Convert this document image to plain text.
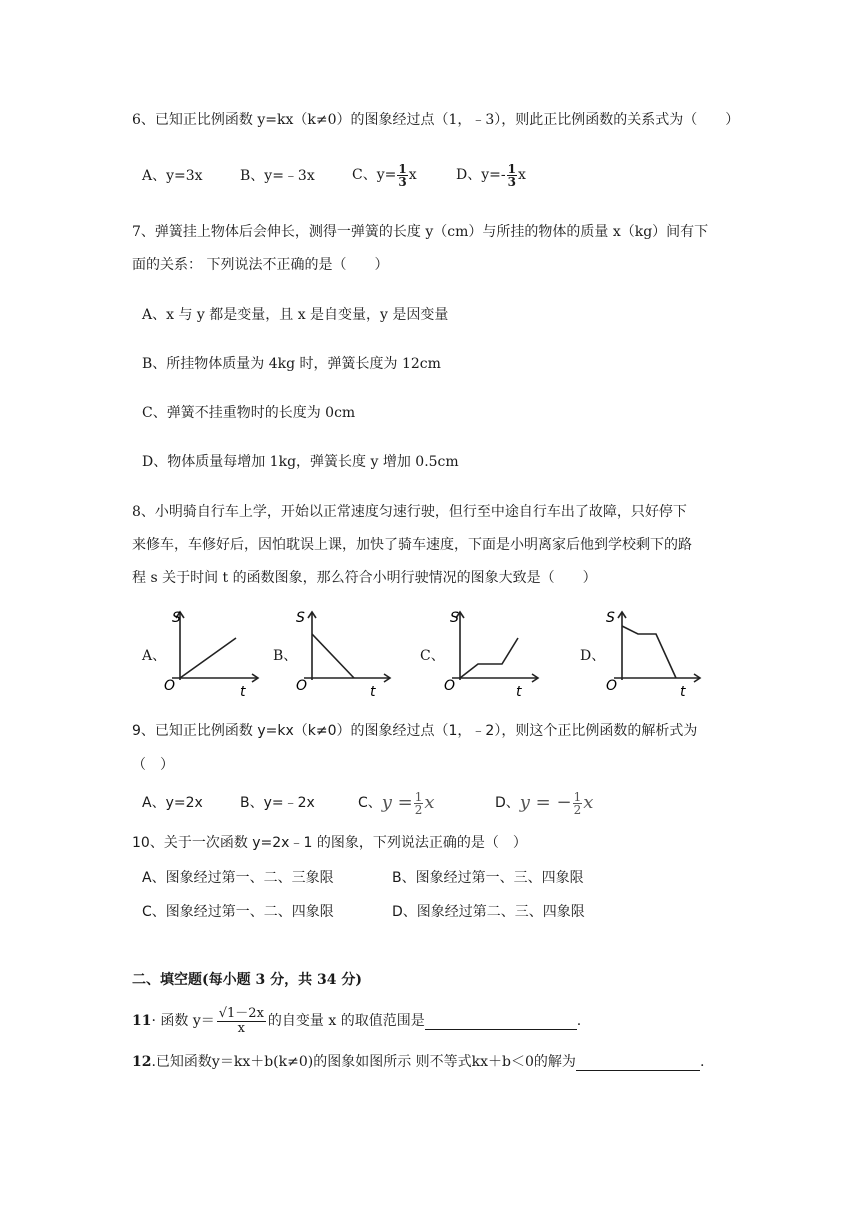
6、已知正比例函数 y=kx（k≠0）的图象经过点（1，﹣3），则此正比例函数的关系式为（　　）
A、y=3x	B、y=﹣3x	C、$y= \frac{1}{3}$ x	D、$y=- \frac{1}{3}$ x
7、弹簧挂上物体后会伸长，测得一弹簧的长度 y（cm）与所挂的物体的质量 x（kg）间有下
面的关系： 下列说法不正确的是（　　）
A、x 与 y 都是变量，且 x 是自变量，y 是因变量
B、所挂物体质量为 4kg 时，弹簧长度为 12cm
C、弹簧不挂重物时的长度为 0cm
D、物体质量每增加 1kg，弹簧长度 y 增加 0.5cm
8、小明骑自行车上学，开始以正常速度匀速行驶，但行至中途自行车出了故障，只好停下
来修车，车修好后，因怕耽误上课，加快了骑车速度，下面是小明离家后他到学校剩下的路
程 s 关于时间 t 的函数图象，那么符合小明行驶情况的图象大致是（　　）
A、
S
O	t
B、
S
O	t
C、
S
O	t
D、
S
O	t
9、已知正比例函数 y=kx（k≠0）的图象经过点（1，﹣2），则这个正比例函数的解析式为
（　）
A、y=2x	B、y=﹣2x	C、 $y = \frac{1}{2}$ x	D、 y = − $\frac{1}{2}$ x
10、关于一次函数 y=2x﹣1 的图象，下列说法正确的是（　）
A、图象经过第一、二、三象限	B、图象经过第一、三、四象限
C、图象经过第一、二、四象限	D、图象经过第二、三、四象限
二、填空题(每小题 3 分，共 34 分)
11 · 函数 $y= \frac{√1-2x}{x}$ 的自变量 x 的取值范围是	.
12 .已知函数y＝kx＋b(k≠0)的图象如图所示 则不等式kx＋b＜0的解为	.
